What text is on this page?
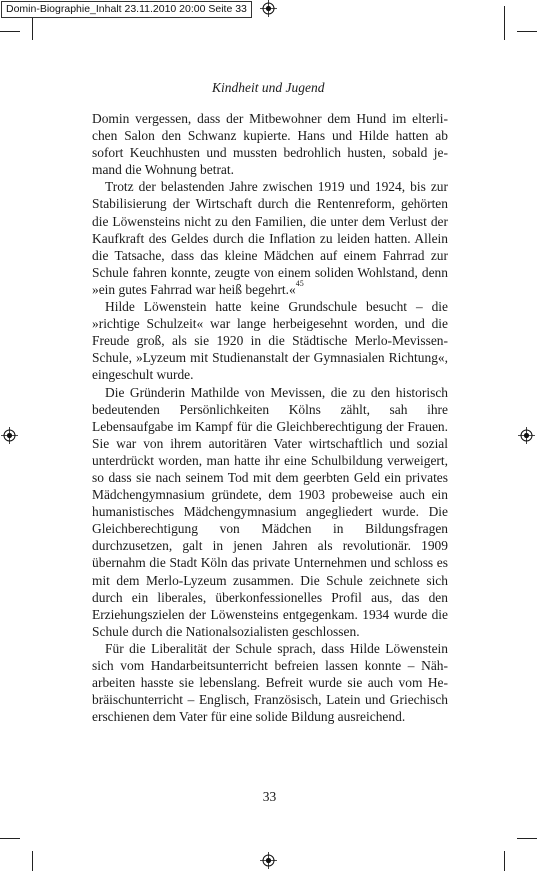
Domin-Biographie_Inhalt 23.11.2010 20:00 Seite 33
Kindheit und Jugend

Domin vergessen, dass der Mitbewohner dem Hund im elterlichen Salon den Schwanz kupierte. Hans und Hilde hatten ab sofort Keuchhusten und mussten bedrohlich husten, sobald jemand die Wohnung betrat.

Trotz der belastenden Jahre zwischen 1919 und 1924, bis zur Stabilisierung der Wirtschaft durch die Rentenreform, gehörten die Löwensteins nicht zu den Familien, die unter dem Verlust der Kaufkraft des Geldes durch die Inflation zu leiden hatten. Allein die Tatsache, dass das kleine Mädchen auf einem Fahrrad zur Schule fahren konnte, zeugte von einem soliden Wohlstand, denn »ein gutes Fahrrad war heiß begehrt.«$^{45}$

Hilde Löwenstein hatte keine Grundschule besucht – die »richtige Schulzeit« war lange herbeigesehnt worden, und die Freude groß, als sie 1920 in die Städtische Merlo-Mevissen-Schule, »Lyzeum mit Studienanstalt der Gymnasialen Richtung«, eingeschult wurde.

Die Gründerin Mathilde von Mevissen, die zu den historisch bedeutenden Persönlichkeiten Kölns zählt, sah ihre Lebensaufgabe im Kampf für die Gleichberechtigung der Frauen. Sie war von ihrem autoritären Vater wirtschaftlich und sozial unterdrückt worden, man hatte ihr eine Schulbildung verweigert, so dass sie nach seinem Tod mit dem geerbten Geld ein privates Mädchengymnasium gründete, dem 1903 probeweise auch ein humanistisches Mädchengymnasium angegliedert wurde. Die Gleichberechtigung von Mädchen in Bildungsfragen durchzusetzen, galt in jenen Jahren als revolutionär. 1909 übernahm die Stadt Köln das private Unternehmen und schloss es mit dem Merlo-Lyzeum zusammen. Die Schule zeichnete sich durch ein liberales, überkonfessionelles Profil aus, das den Erziehungszielen der Löwensteins entgegenkam. 1934 wurde die Schule durch die Nationalsozialisten geschlossen.

Für die Liberalität der Schule sprach, dass Hilde Löwenstein sich vom Handarbeitsunterricht befreien lassen konnte – Näharbeiten hasste sie lebenslang. Befreit wurde sie auch vom Hebräischunterricht – Englisch, Französisch, Latein und Griechisch erschienen dem Vater für eine solide Bildung ausreichend.

33
